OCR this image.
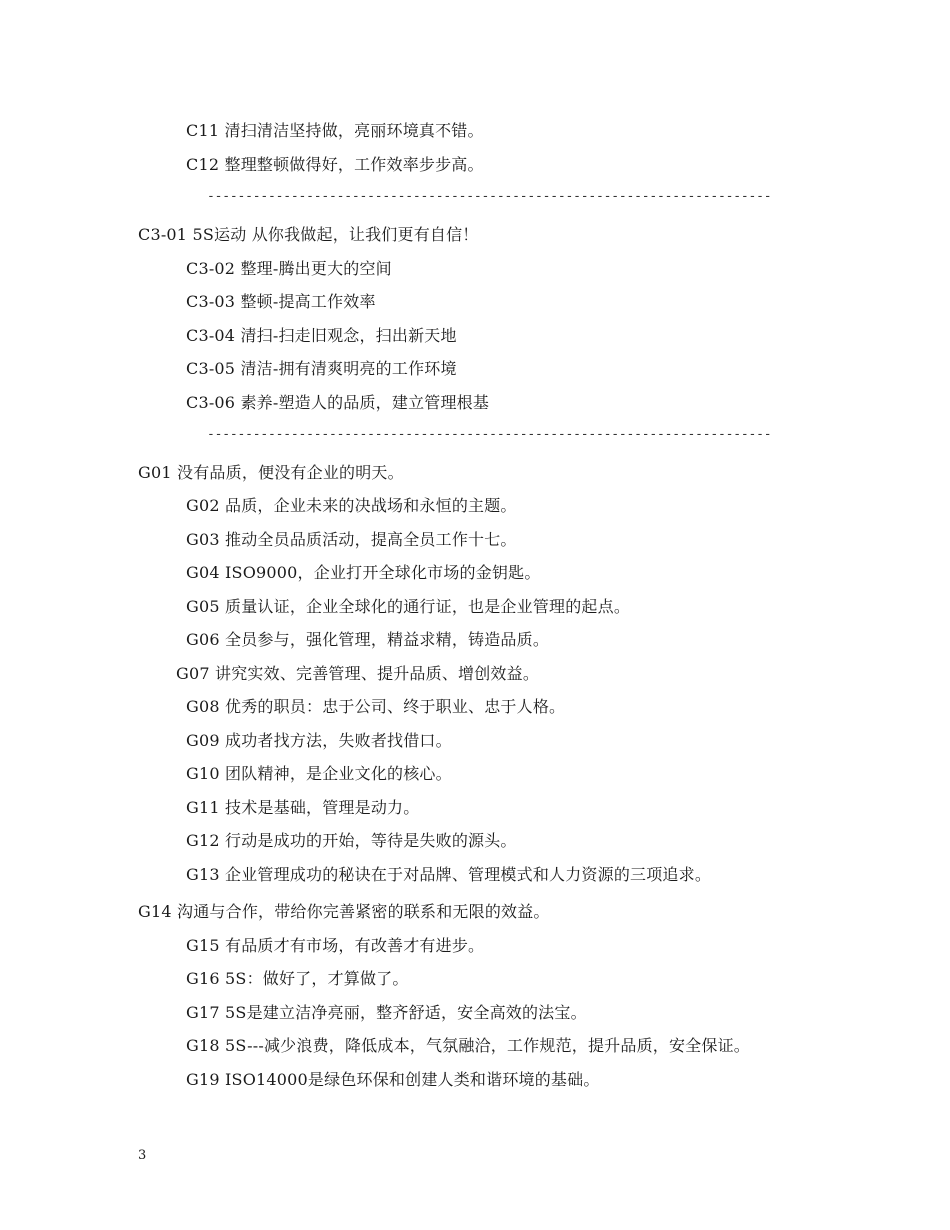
C11 清扫清洁坚持做，亮丽环境真不错。
C12 整理整顿做得好，工作效率步步高。
--------------------------------------------------------------------------
C3-01 5S运动 从你我做起，让我们更有自信！
C3-02 整理-腾出更大的空间
C3-03 整顿-提高工作效率
C3-04 清扫-扫走旧观念，扫出新天地
C3-05 清洁-拥有清爽明亮的工作环境
C3-06 素养-塑造人的品质，建立管理根基
--------------------------------------------------------------------------
G01 没有品质，便没有企业的明天。
G02 品质，企业未来的决战场和永恒的主题。
G03 推动全员品质活动，提高全员工作十七。
G04 ISO9000，企业打开全球化市场的金钥匙。
G05 质量认证，企业全球化的通行证，也是企业管理的起点。
G06 全员参与，强化管理，精益求精，铸造品质。
G07 讲究实效、完善管理、提升品质、增创效益。
G08 优秀的职员：忠于公司、终于职业、忠于人格。
G09 成功者找方法，失败者找借口。
G10 团队精神，是企业文化的核心。
G11 技术是基础，管理是动力。
G12 行动是成功的开始，等待是失败的源头。
G13 企业管理成功的秘诀在于对品牌、管理模式和人力资源的三项追求。
G14 沟通与合作，带给你完善紧密的联系和无限的效益。
G15 有品质才有市场，有改善才有进步。
G16 5S：做好了，才算做了。
G17 5S是建立洁净亮丽，整齐舒适，安全高效的法宝。
G18 5S---减少浪费，降低成本，气氛融洽，工作规范，提升品质，安全保证。
G19 ISO14000是绿色环保和创建人类和谐环境的基础。
3
